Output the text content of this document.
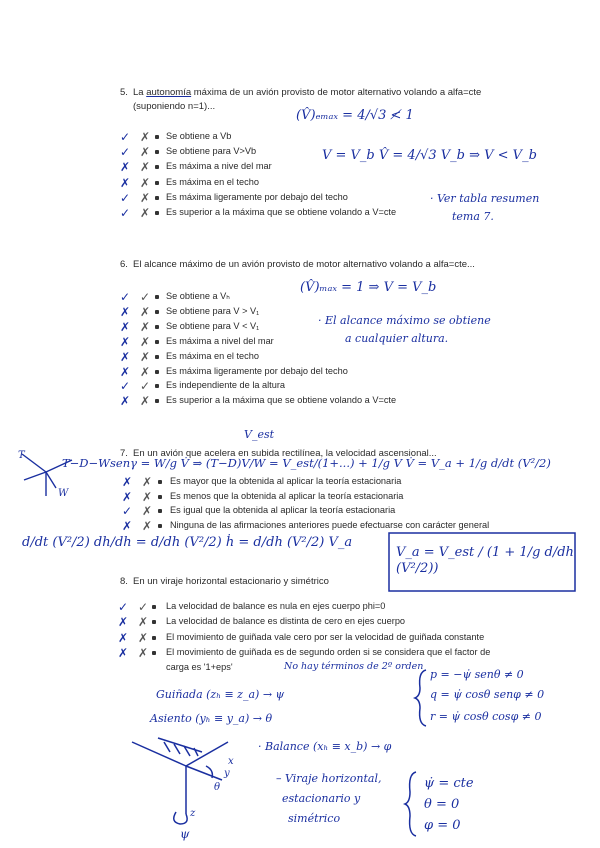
5. La autonomía máxima de un avión provisto de motor alternativo volando a alfa=cte
(suponiendo n=1)...
Se obtiene a Vb
✓ ✗
Se obtiene para V>Vb
✓ ✗
Es máxima a nive del mar
✗ ✗
Es máxima en el techo
✗ ✗
Es máxima ligeramente por debajo del techo
✓ ✗
Es superior a la máxima que se obtiene volando a V=cte
✓ ✗
(V̂)ₑₘₐₓ = 4/√3 ≮ 1
V = V_b V̂ = 4/√3 V_b ⇒ V < V_b
· Ver tabla resumen
tema 7.
6. El alcance máximo de un avión provisto de motor alternativo volando a alfa=cte...
Se obtiene a Vₕ
✓ ✓
Se obtiene para V > V₁
✗ ✗
Se obtiene para V < V₁
✗ ✗
Es máxima a nivel del mar
✗ ✗
Es máxima en el techo
✗ ✗
Es máxima ligeramente por debajo del techo
✗ ✗
Es independiente de la altura
✓ ✓
Es superior a la máxima que se obtiene volando a V=cte
✗ ✗
(V̂)ₘₐₓ = 1 ⇒ V = V_b
· El alcance máximo se obtiene
a cualquier altura.
V_est
7. En un avión que acelera en subida rectilínea, la velocidad ascensional...
T−D−Wsenγ = W/g V̇ ⇒ (T−D)V/W = V_est/(1+...) + 1/g V V̇ = V_a + 1/g d/dt (V²/2)
T
W
Es mayor que la obtenida al aplicar la teoría estacionaria
✗ ✗
Es menos que la obtenida al aplicar la teoría estacionaria
✗ ✗
Es igual que la obtenida al aplicar la teoría estacionaria
✓ ✗
Ninguna de las afirmaciones anteriores puede efectuarse con carácter general
✗ ✗
d/dt (V²/2) dh/dh = d/dh (V²/2) ḣ = d/dh (V²/2) V_a
V_a = V_est / (1 + 1/g d/dh (V²/2))
8. En un viraje horizontal estacionario y simétrico
La velocidad de balance es nula en ejes cuerpo phi=0
✓ ✓
La velocidad de balance es distinta de cero en ejes cuerpo
✗ ✗
El movimiento de guiñada vale cero por ser la velocidad de guiñada constante
✗ ✗
El movimiento de guiñada es de segundo orden si se considera que el factor de
✗ ✗
carga es '1+eps'	No hay términos de 2º orden
Guiñada (zₕ ≡ z_a) → ψ
Asiento (yₕ ≡ y_a) → θ
· Balance (xₕ ≡ x_b) → φ
p = −ψ̇ senθ ≠ 0
q = ψ̇ cosθ senφ ≠ 0
r = ψ̇ cosθ cosφ ≠ 0
– Viraje horizontal,
estacionario y
simétrico
ψ̇ = cte
θ = 0
φ = 0
z
y
x
θ
ψ
